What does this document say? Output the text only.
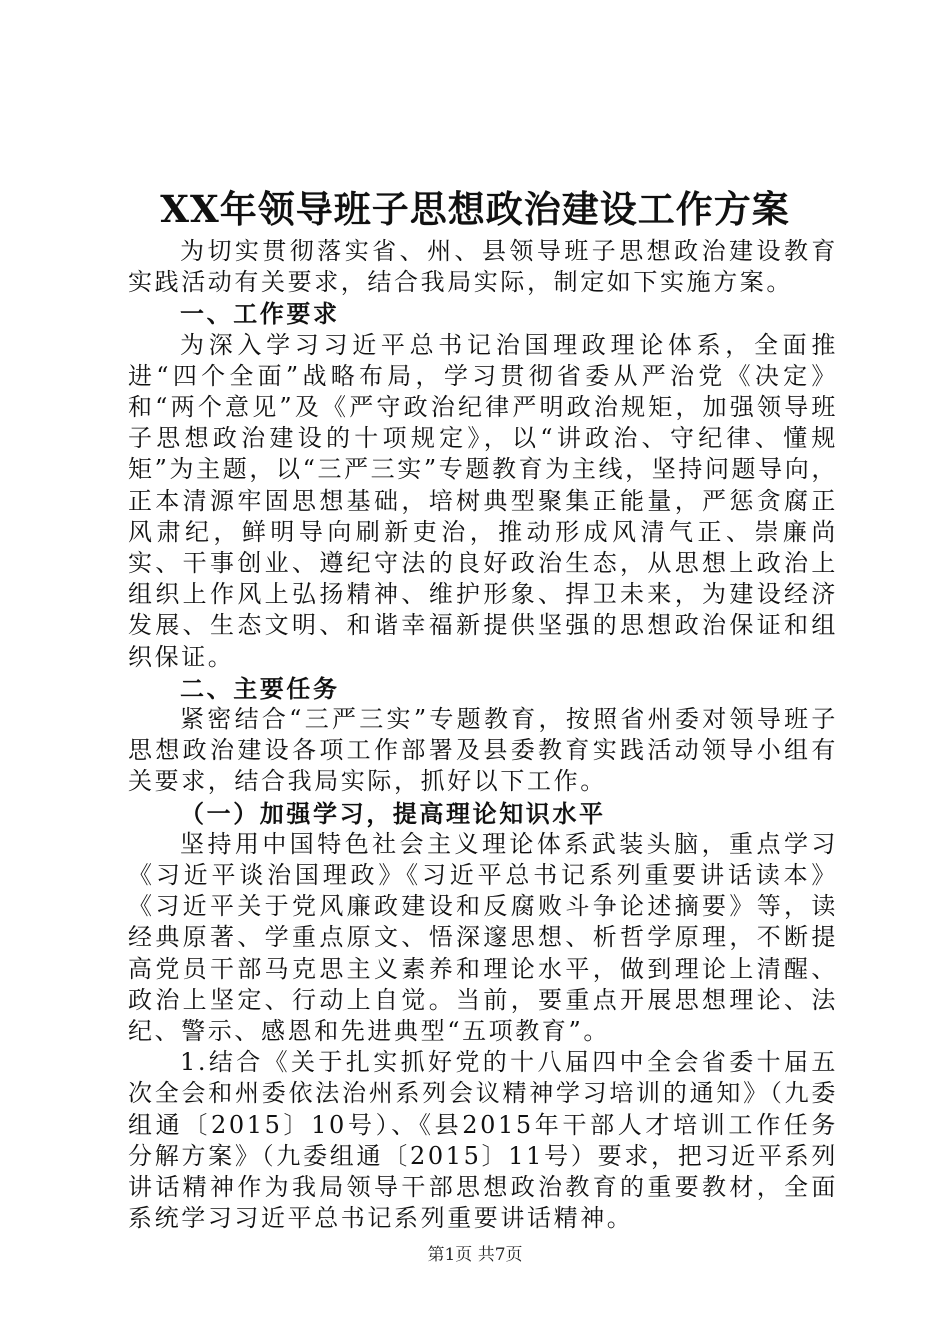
XX年领导班子思想政治建设工作方案

为切实贯彻落实省、州、县领导班子思想政治建设教育实践活动有关要求，结合我局实际，制定如下实施方案。

一、工作要求

为深入学习习近平总书记治国理政理论体系，全面推进“四个全面”战略布局，学习贯彻省委从严治党《决定》和“两个意见”及《严守政治纪律严明政治规矩，加强领导班子思想政治建设的十项规定》，以“讲政治、守纪律、懂规矩”为主题，以“三严三实”专题教育为主线，坚持问题导向，正本清源牢固思想基础，培树典型聚集正能量，严惩贪腐正风肃纪，鲜明导向刷新吏治，推动形成风清气正、崇廉尚实、干事创业、遵纪守法的良好政治生态，从思想上政治上组织上作风上弘扬精神、维护形象、捍卫未来，为建设经济发展、生态文明、和谐幸福新提供坚强的思想政治保证和组织保证。

二、主要任务

紧密结合“三严三实”专题教育，按照省州委对领导班子思想政治建设各项工作部署及县委教育实践活动领导小组有关要求，结合我局实际，抓好以下工作。

（一）加强学习，提高理论知识水平

坚持用中国特色社会主义理论体系武装头脑，重点学习《习近平谈治国理政》《习近平总书记系列重要讲话读本》《习近平关于党风廉政建设和反腐败斗争论述摘要》等，读经典原著、学重点原文、悟深邃思想、析哲学原理，不断提高党员干部马克思主义素养和理论水平，做到理论上清醒、政治上坚定、行动上自觉。当前，要重点开展思想理论、法纪、警示、感恩和先进典型“五项教育”。

1.结合《关于扎实抓好党的十八届四中全会省委十届五次全会和州委依法治州系列会议精神学习培训的通知》（九委组通〔2015〕10号）、《县2015年干部人才培训工作任务分解方案》（九委组通〔2015〕11号）要求，把习近平系列讲话精神作为我局领导干部思想政治教育的重要教材，全面系统学习习近平总书记系列重要讲话精神。

第1页 共7页
